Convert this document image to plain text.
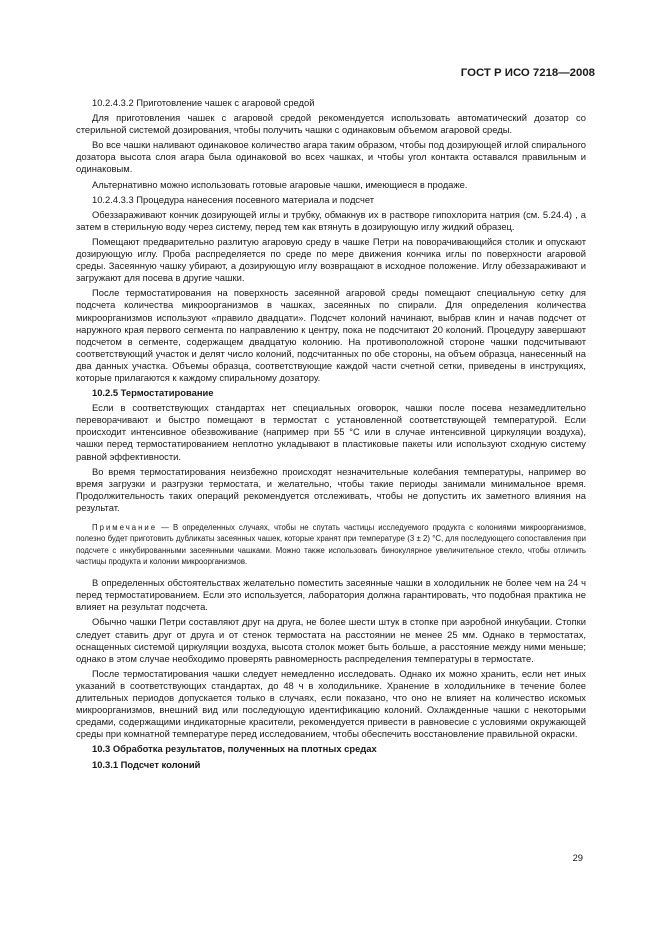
ГОСТ Р ИСО 7218—2008

10.2.4.3.2 Приготовление чашек с агаровой средой

Для приготовления чашек с агаровой средой рекомендуется использовать автоматический дозатор со стерильной системой дозирования, чтобы получить чашки с одинаковым объемом агаровой среды.

Во все чашки наливают одинаковое количество агара таким образом, чтобы под дозирующей иглой спирального дозатора высота слоя агара была одинаковой во всех чашках, и чтобы угол контакта оставался правильным и одинаковым.

Альтернативно можно использовать готовые агаровые чашки, имеющиеся в продаже.

10.2.4.3.3 Процедура нанесения посевного материала и подсчет

Обеззараживают кончик дозирующей иглы и трубку, обмакнув их в растворе гипохлорита натрия (см. 5.24.4) , а затем в стерильную воду через систему, перед тем как втянуть в дозирующую иглу жидкий образец.

Помещают предварительно разлитую агаровую среду в чашке Петри на поворачивающийся столик и опускают дозирующую иглу. Проба распределяется по среде по мере движения кончика иглы по поверхности агаровой среды. Засеянную чашку убирают, а дозирующую иглу возвращают в исходное положение. Иглу обеззараживают и загружают для посева в другие чашки.

После термостатирования на поверхность засеянной агаровой среды помещают специальную сетку для подсчета количества микроорганизмов в чашках, засеянных по спирали. Для определения количества микроорганизмов используют «правило двадцати». Подсчет колоний начинают, выбрав клин и начав подсчет от наружного края первого сегмента по направлению к центру, пока не подсчитают 20 колоний. Процедуру завершают подсчетом в сегменте, содержащем двадцатую колонию. На противоположной стороне чашки подсчитывают соответствующий участок и делят число колоний, подсчитанных по обе стороны, на объем образца, нанесенный на два данных участка. Объемы образца, соответствующие каждой части счетной сетки, приведены в инструкциях, которые прилагаются к каждому спиральному дозатору.

10.2.5 Термостатирование

Если в соответствующих стандартах нет специальных оговорок, чашки после посева незамедлительно переворачивают и быстро помещают в термостат с установленной соответствующей температурой. Если происходит интенсивное обезвоживание (например при 55 °С или в случае интенсивной циркуляции воздуха), чашки перед термостатированием неплотно укладывают в пластиковые пакеты или используют сходную систему равной эффективности.

Во время термостатирования неизбежно происходят незначительные колебания температуры, например во время загрузки и разгрузки термостата, и желательно, чтобы такие периоды занимали минимальное время. Продолжительность таких операций рекомендуется отслеживать, чтобы не допустить их заметного влияния на результат.

Примечание — В определенных случаях, чтобы не спутать частицы исследуемого продукта с колониями микроорганизмов, полезно будет приготовить дубликаты засеянных чашек, которые хранят при температуре (3 ± 2) °С, для последующего сопоставления при подсчете с инкубированными засеянными чашками. Можно также использовать бинокулярное увеличительное стекло, чтобы отличить частицы продукта и колонии микроорганизмов.

В определенных обстоятельствах желательно поместить засеянные чашки в холодильник не более чем на 24 ч перед термостатированием. Если это используется, лаборатория должна гарантировать, что подобная практика не влияет на результат подсчета.

Обычно чашки Петри составляют друг на друга, не более шести штук в стопке при аэробной инкубации. Стопки следует ставить друг от друга и от стенок термостата на расстоянии не менее 25 мм. Однако в термостатах, оснащенных системой циркуляции воздуха, высота столок может быть больше, а расстояние между ними меньше; однако в этом случае необходимо проверять равномерность распределения температуры в термостате.

После термостатирования чашки следует немедленно исследовать. Однако их можно хранить, если нет иных указаний в соответствующих стандартах, до 48 ч в холодильнике. Хранение в холодильнике в течение более длительных периодов допускается только в случаях, если показано, что оно не влияет на количество искомых микроорганизмов, внешний вид или последующую идентификацию колоний. Охлажденные чашки с некоторыми средами, содержащими индикаторные красители, рекомендуется привести в равновесие с условиями окружающей среды при комнатной температуре перед исследованием, чтобы обеспечить восстановление правильной окраски.

10.3 Обработка результатов, полученных на плотных средах

10.3.1 Подсчет колоний

29
